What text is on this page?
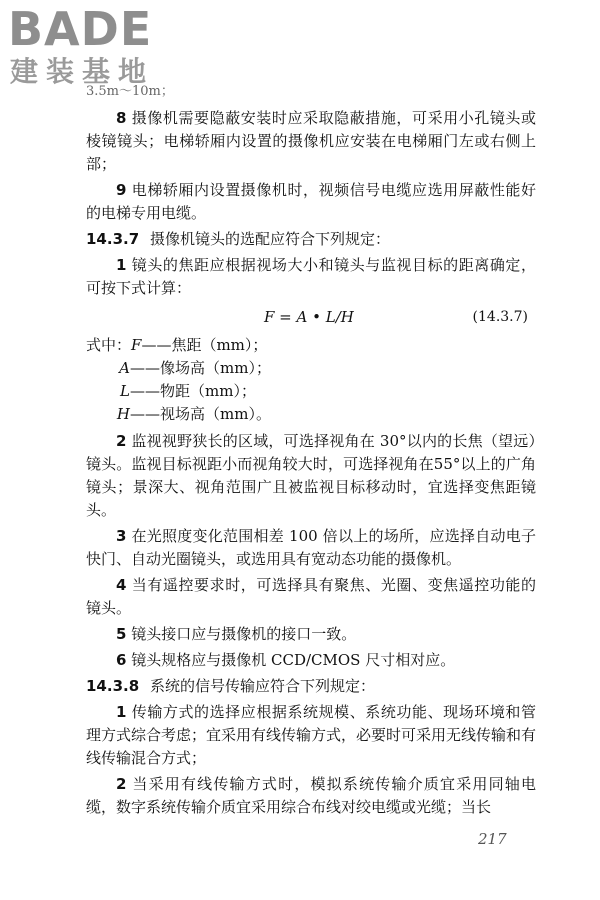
BADE
建装基地

3.5m～10m；

8 摄像机需要隐蔽安装时应采取隐蔽措施，可采用小孔镜头或棱镜镜头；电梯轿厢内设置的摄像机应安装在电梯厢门左或右侧上部；

9 电梯轿厢内设置摄像机时，视频信号电缆应选用屏蔽性能好的电梯专用电缆。

14.3.7 摄像机镜头的选配应符合下列规定：

1 镜头的焦距应根据视场大小和镜头与监视目标的距离确定，可按下式计算：

F = A • L/H	(14.3.7)
式中：F——焦距（mm）；
A——像场高（mm）；
L——物距（mm）；
H——视场高（mm）。

2 监视视野狭长的区域，可选择视角在 30°以内的长焦（望远）镜头。监视目标视距小而视角较大时，可选择视角在55°以上的广角镜头；景深大、视角范围广且被监视目标移动时，宜选择变焦距镜头。

3 在光照度变化范围相差 100 倍以上的场所，应选择自动电子快门、自动光圈镜头，或选用具有宽动态功能的摄像机。

4 当有遥控要求时，可选择具有聚焦、光圈、变焦遥控功能的镜头。

5 镜头接口应与摄像机的接口一致。

6 镜头规格应与摄像机 CCD/CMOS 尺寸相对应。

14.3.8 系统的信号传输应符合下列规定：

1 传输方式的选择应根据系统规模、系统功能、现场环境和管理方式综合考虑；宜采用有线传输方式，必要时可采用无线传输和有线传输混合方式；

2 当采用有线传输方式时，模拟系统传输介质宜采用同轴电缆，数字系统传输介质宜采用综合布线对绞电缆或光缆；当长

217
